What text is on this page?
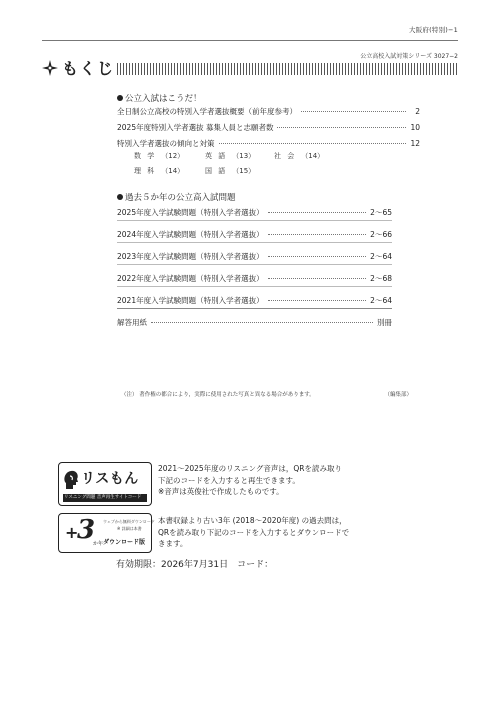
大阪府(特別)−1
公立高校入試対策シリーズ 3027−2
もくじ
公立入試はこうだ！
全日制公立高校の特別入学者選抜概要（前年度参考）	2
2025年度特別入学者選抜 募集人員と志願者数	10
特別入学者選抜の傾向と対策	12
数 学 （12）	英 語 （13）	社 会 （14）
理 科 （14）	国 語 （15）
過去５か年の公立高入試問題
2025年度入学試験問題（特別入学者選抜）	2〜65
2024年度入学試験問題（特別入学者選抜）	2〜66
2023年度入学試験問題（特別入学者選抜）	2〜64
2022年度入学試験問題（特別入学者選抜）	2〜68
2021年度入学試験問題（特別入学者選抜）	2〜64
解答用紙	別冊
（注） 著作権の都合により，実際に使用された写真と異なる場合があります。	（編集部）
リスもん
リスニング問題 音声再生サイトコード
2021〜2025年度のリスニング音声は，QRを読み取り
下記のコードを入力すると再生できます。
※音声は英俊社で作成したものです。
+
3
か年
ウェブから無料ダウンロード
※ 詳細は本書
ダウンロード版
本書収録より古い3年 (2018〜2020年度) の過去問は，
QRを読み取り下記のコードを入力するとダウンロードで
きます。
有効期限：2026年7月31日　コード：
